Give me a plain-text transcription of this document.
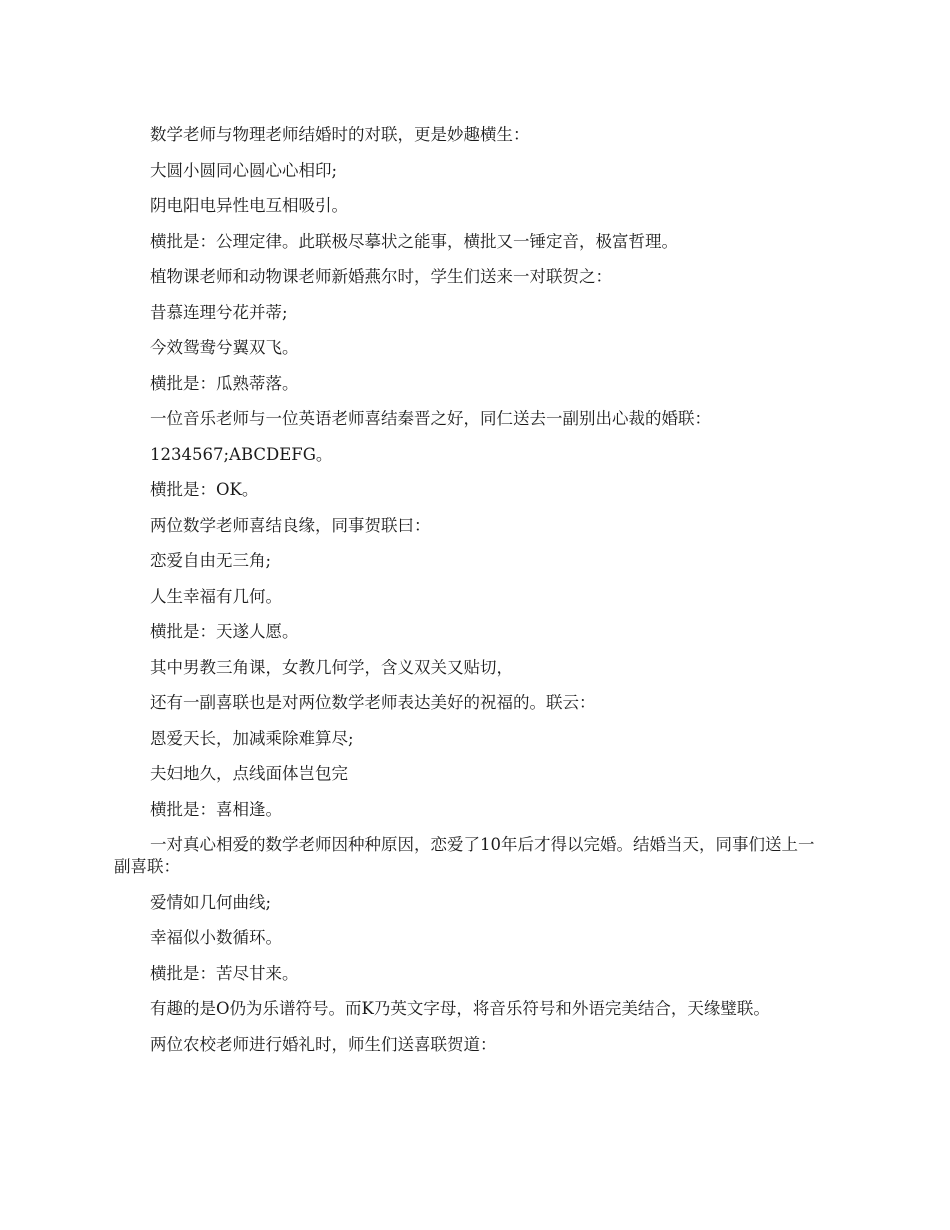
数学老师与物理老师结婚时的对联，更是妙趣横生：

大圆小圆同心圆心心相印;

阴电阳电异性电互相吸引。

横批是：公理定律。此联极尽摹状之能事，横批又一锤定音，极富哲理。

植物课老师和动物课老师新婚燕尔时，学生们送来一对联贺之：

昔慕连理兮花并蒂;

今效鸳鸯兮翼双飞。

横批是：瓜熟蒂落。

一位音乐老师与一位英语老师喜结秦晋之好，同仁送去一副别出心裁的婚联：

1234567;ABCDEFG。

横批是：OK。

两位数学老师喜结良缘，同事贺联曰：

恋爱自由无三角;

人生幸福有几何。

横批是：天遂人愿。

其中男教三角课，女教几何学，含义双关又贴切，

还有一副喜联也是对两位数学老师表达美好的祝福的。联云：

恩爱天长，加减乘除难算尽;

夫妇地久，点线面体岂包完

横批是：喜相逢。

一对真心相爱的数学老师因种种原因，恋爱了10年后才得以完婚。结婚当天，同事们送上一副喜联：

爱情如几何曲线;

幸福似小数循环。

横批是：苦尽甘来。

有趣的是O仍为乐谱符号。而K乃英文字母，将音乐符号和外语完美结合，天缘璧联。

两位农校老师进行婚礼时，师生们送喜联贺道：
